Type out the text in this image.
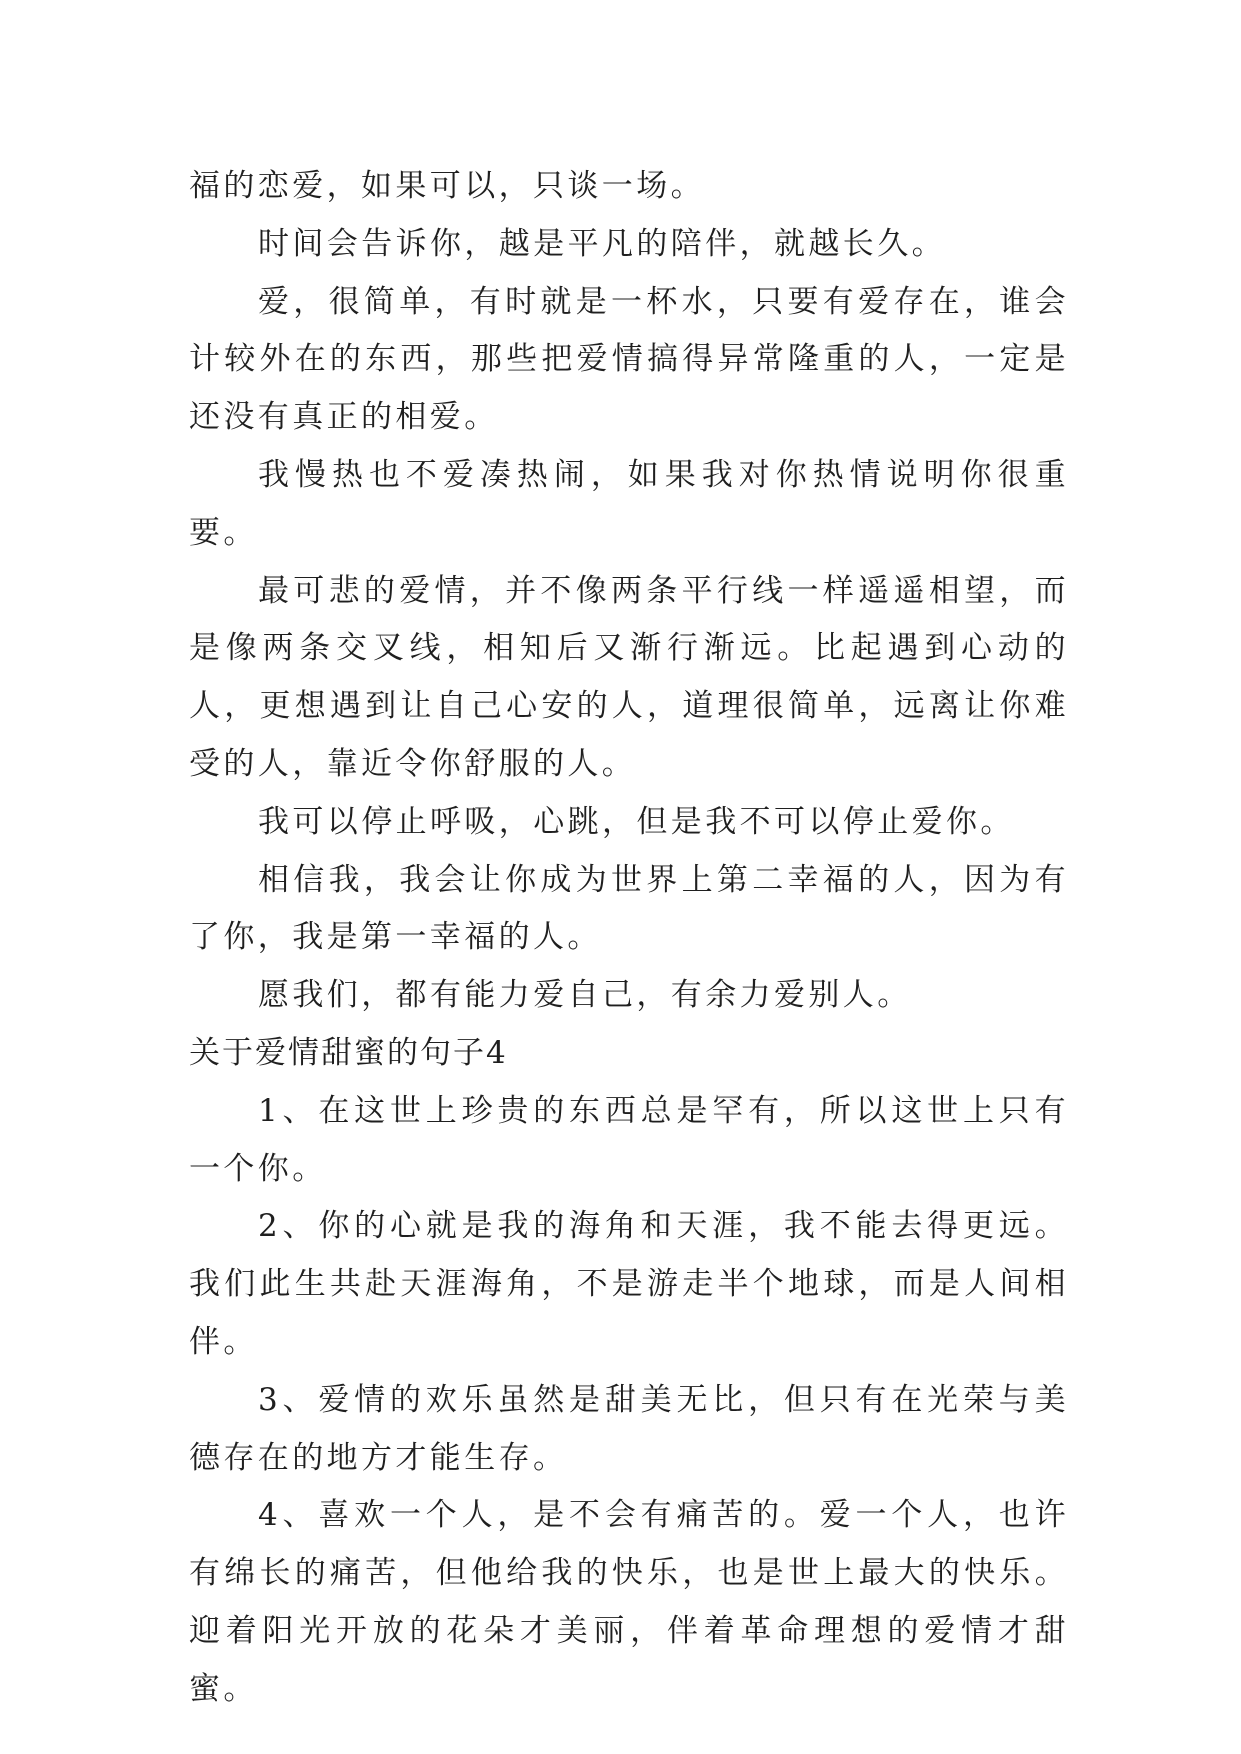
福的恋爱，如果可以，只谈一场。

时间会告诉你，越是平凡的陪伴，就越长久。

爱，很简单，有时就是一杯水，只要有爱存在，谁会计较外在的东西，那些把爱情搞得异常隆重的人，一定是还没有真正的相爱。

我慢热也不爱凑热闹，如果我对你热情说明你很重要。

最可悲的爱情，并不像两条平行线一样遥遥相望，而是像两条交叉线，相知后又渐行渐远。比起遇到心动的人，更想遇到让自己心安的人，道理很简单，远离让你难受的人，靠近令你舒服的人。

我可以停止呼吸，心跳，但是我不可以停止爱你。

相信我，我会让你成为世界上第二幸福的人，因为有了你，我是第一幸福的人。

愿我们，都有能力爱自己，有余力爱别人。

关于爱情甜蜜的句子4

1、在这世上珍贵的东西总是罕有，所以这世上只有一个你。

2、你的心就是我的海角和天涯，我不能去得更远。我们此生共赴天涯海角，不是游走半个地球，而是人间相伴。

3、爱情的欢乐虽然是甜美无比，但只有在光荣与美德存在的地方才能生存。

4、喜欢一个人，是不会有痛苦的。爱一个人，也许有绵长的痛苦，但他给我的快乐，也是世上最大的快乐。迎着阳光开放的花朵才美丽，伴着革命理想的爱情才甜蜜。
